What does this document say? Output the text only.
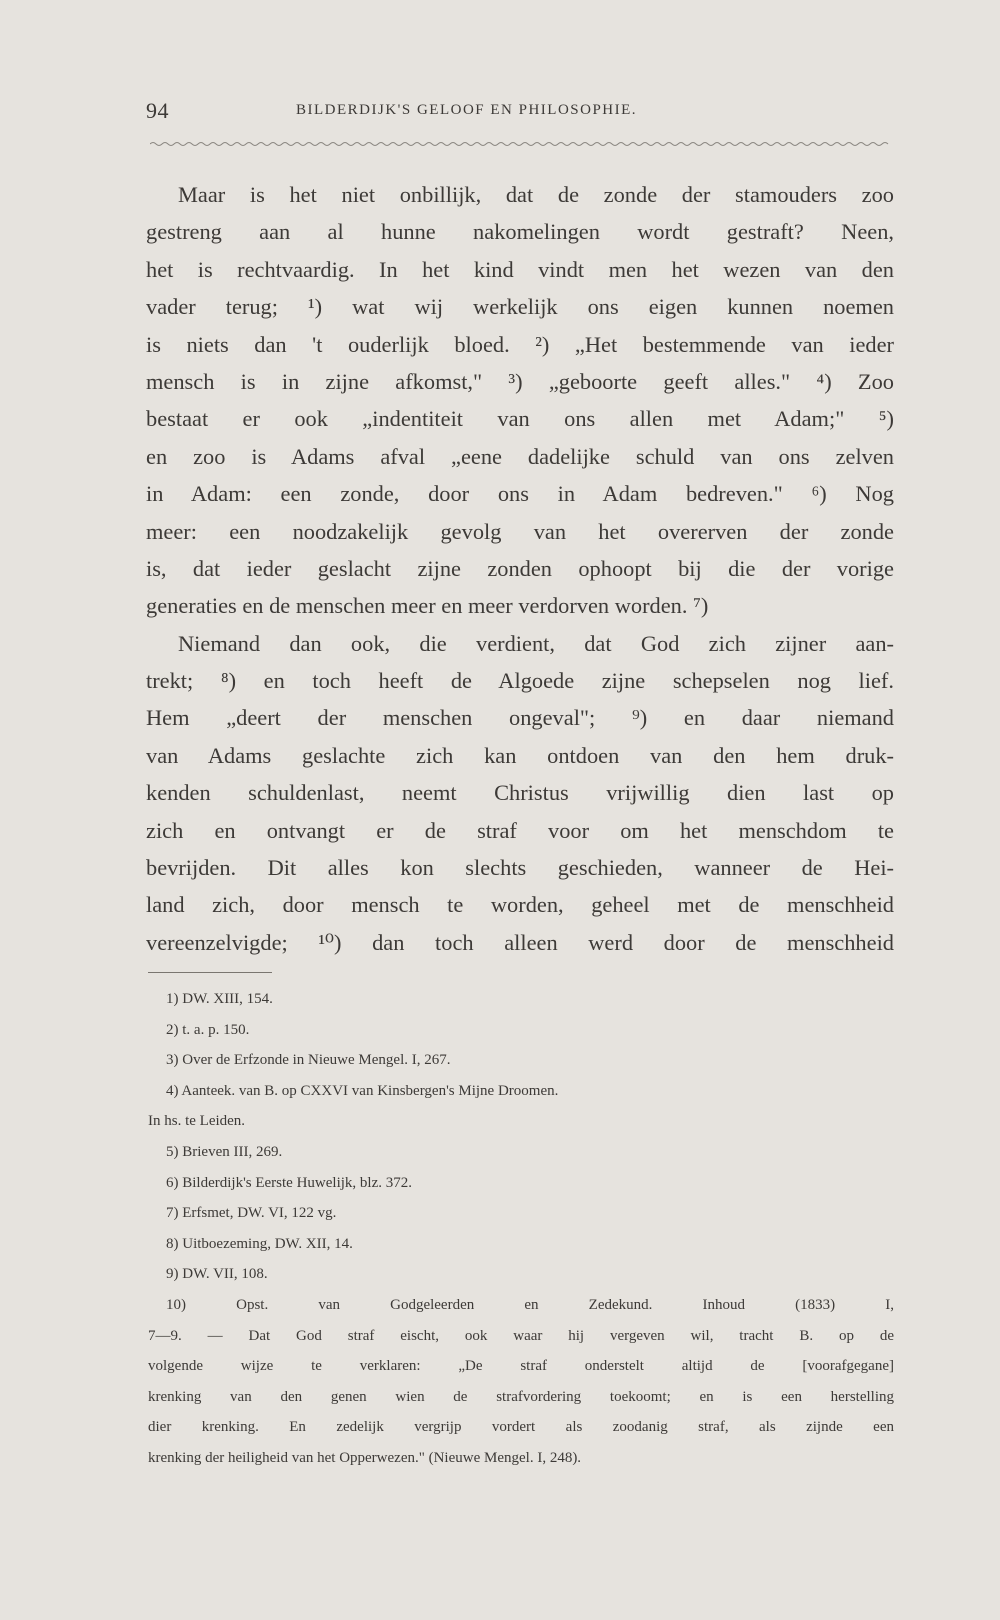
94	BILDERDIJK'S GELOOF EN PHILOSOPHIE.
Maar is het niet onbillijk, dat de zonde der stamouders zoo
gestreng aan al hunne nakomelingen wordt gestraft? Neen,
het is rechtvaardig. In het kind vindt men het wezen van den
vader terug; ¹) wat wij werkelijk ons eigen kunnen noemen
is niets dan 't ouderlijk bloed. ²) „Het bestemmende van ieder
mensch is in zijne afkomst," ³) „geboorte geeft alles." ⁴) Zoo
bestaat er ook „indentiteit van ons allen met Adam;" ⁵)
en zoo is Adams afval „eene dadelijke schuld van ons zelven
in Adam: een zonde, door ons in Adam bedreven." ⁶) Nog
meer: een noodzakelijk gevolg van het overerven der zonde
is, dat ieder geslacht zijne zonden ophoopt bij die der vorige
generaties en de menschen meer en meer verdorven worden. ⁷)
Niemand dan ook, die verdient, dat God zich zijner aan-
trekt; ⁸) en toch heeft de Algoede zijne schepselen nog lief.
Hem „deert der menschen ongeval"; ⁹) en daar niemand
van Adams geslachte zich kan ontdoen van den hem druk-
kenden schuldenlast, neemt Christus vrijwillig dien last op
zich en ontvangt er de straf voor om het menschdom te
bevrijden. Dit alles kon slechts geschieden, wanneer de Hei-
land zich, door mensch te worden, geheel met de menschheid
vereenzelvigde; ¹⁰) dan toch alleen werd door de menschheid
1) DW. XIII, 154.
2) t. a. p. 150.
3) Over de Erfzonde in Nieuwe Mengel. I, 267.
4) Aanteek. van B. op CXXVI van Kinsbergen's Mijne Droomen.
In hs. te Leiden.
5) Brieven III, 269.
6) Bilderdijk's Eerste Huwelijk, blz. 372.
7) Erfsmet, DW. VI, 122 vg.
8) Uitboezeming, DW. XII, 14.
9) DW. VII, 108.
10) Opst. van Godgeleerden en Zedekund. Inhoud (1833) I,
7—9. — Dat God straf eischt, ook waar hij vergeven wil, tracht B. op de
volgende wijze te verklaren: „De straf onderstelt altijd de [voorafgegane]
krenking van den genen wien de strafvordering toekoomt; en is een herstelling
dier krenking. En zedelijk vergrijp vordert als zoodanig straf, als zijnde een
krenking der heiligheid van het Opperwezen." (Nieuwe Mengel. I, 248).
